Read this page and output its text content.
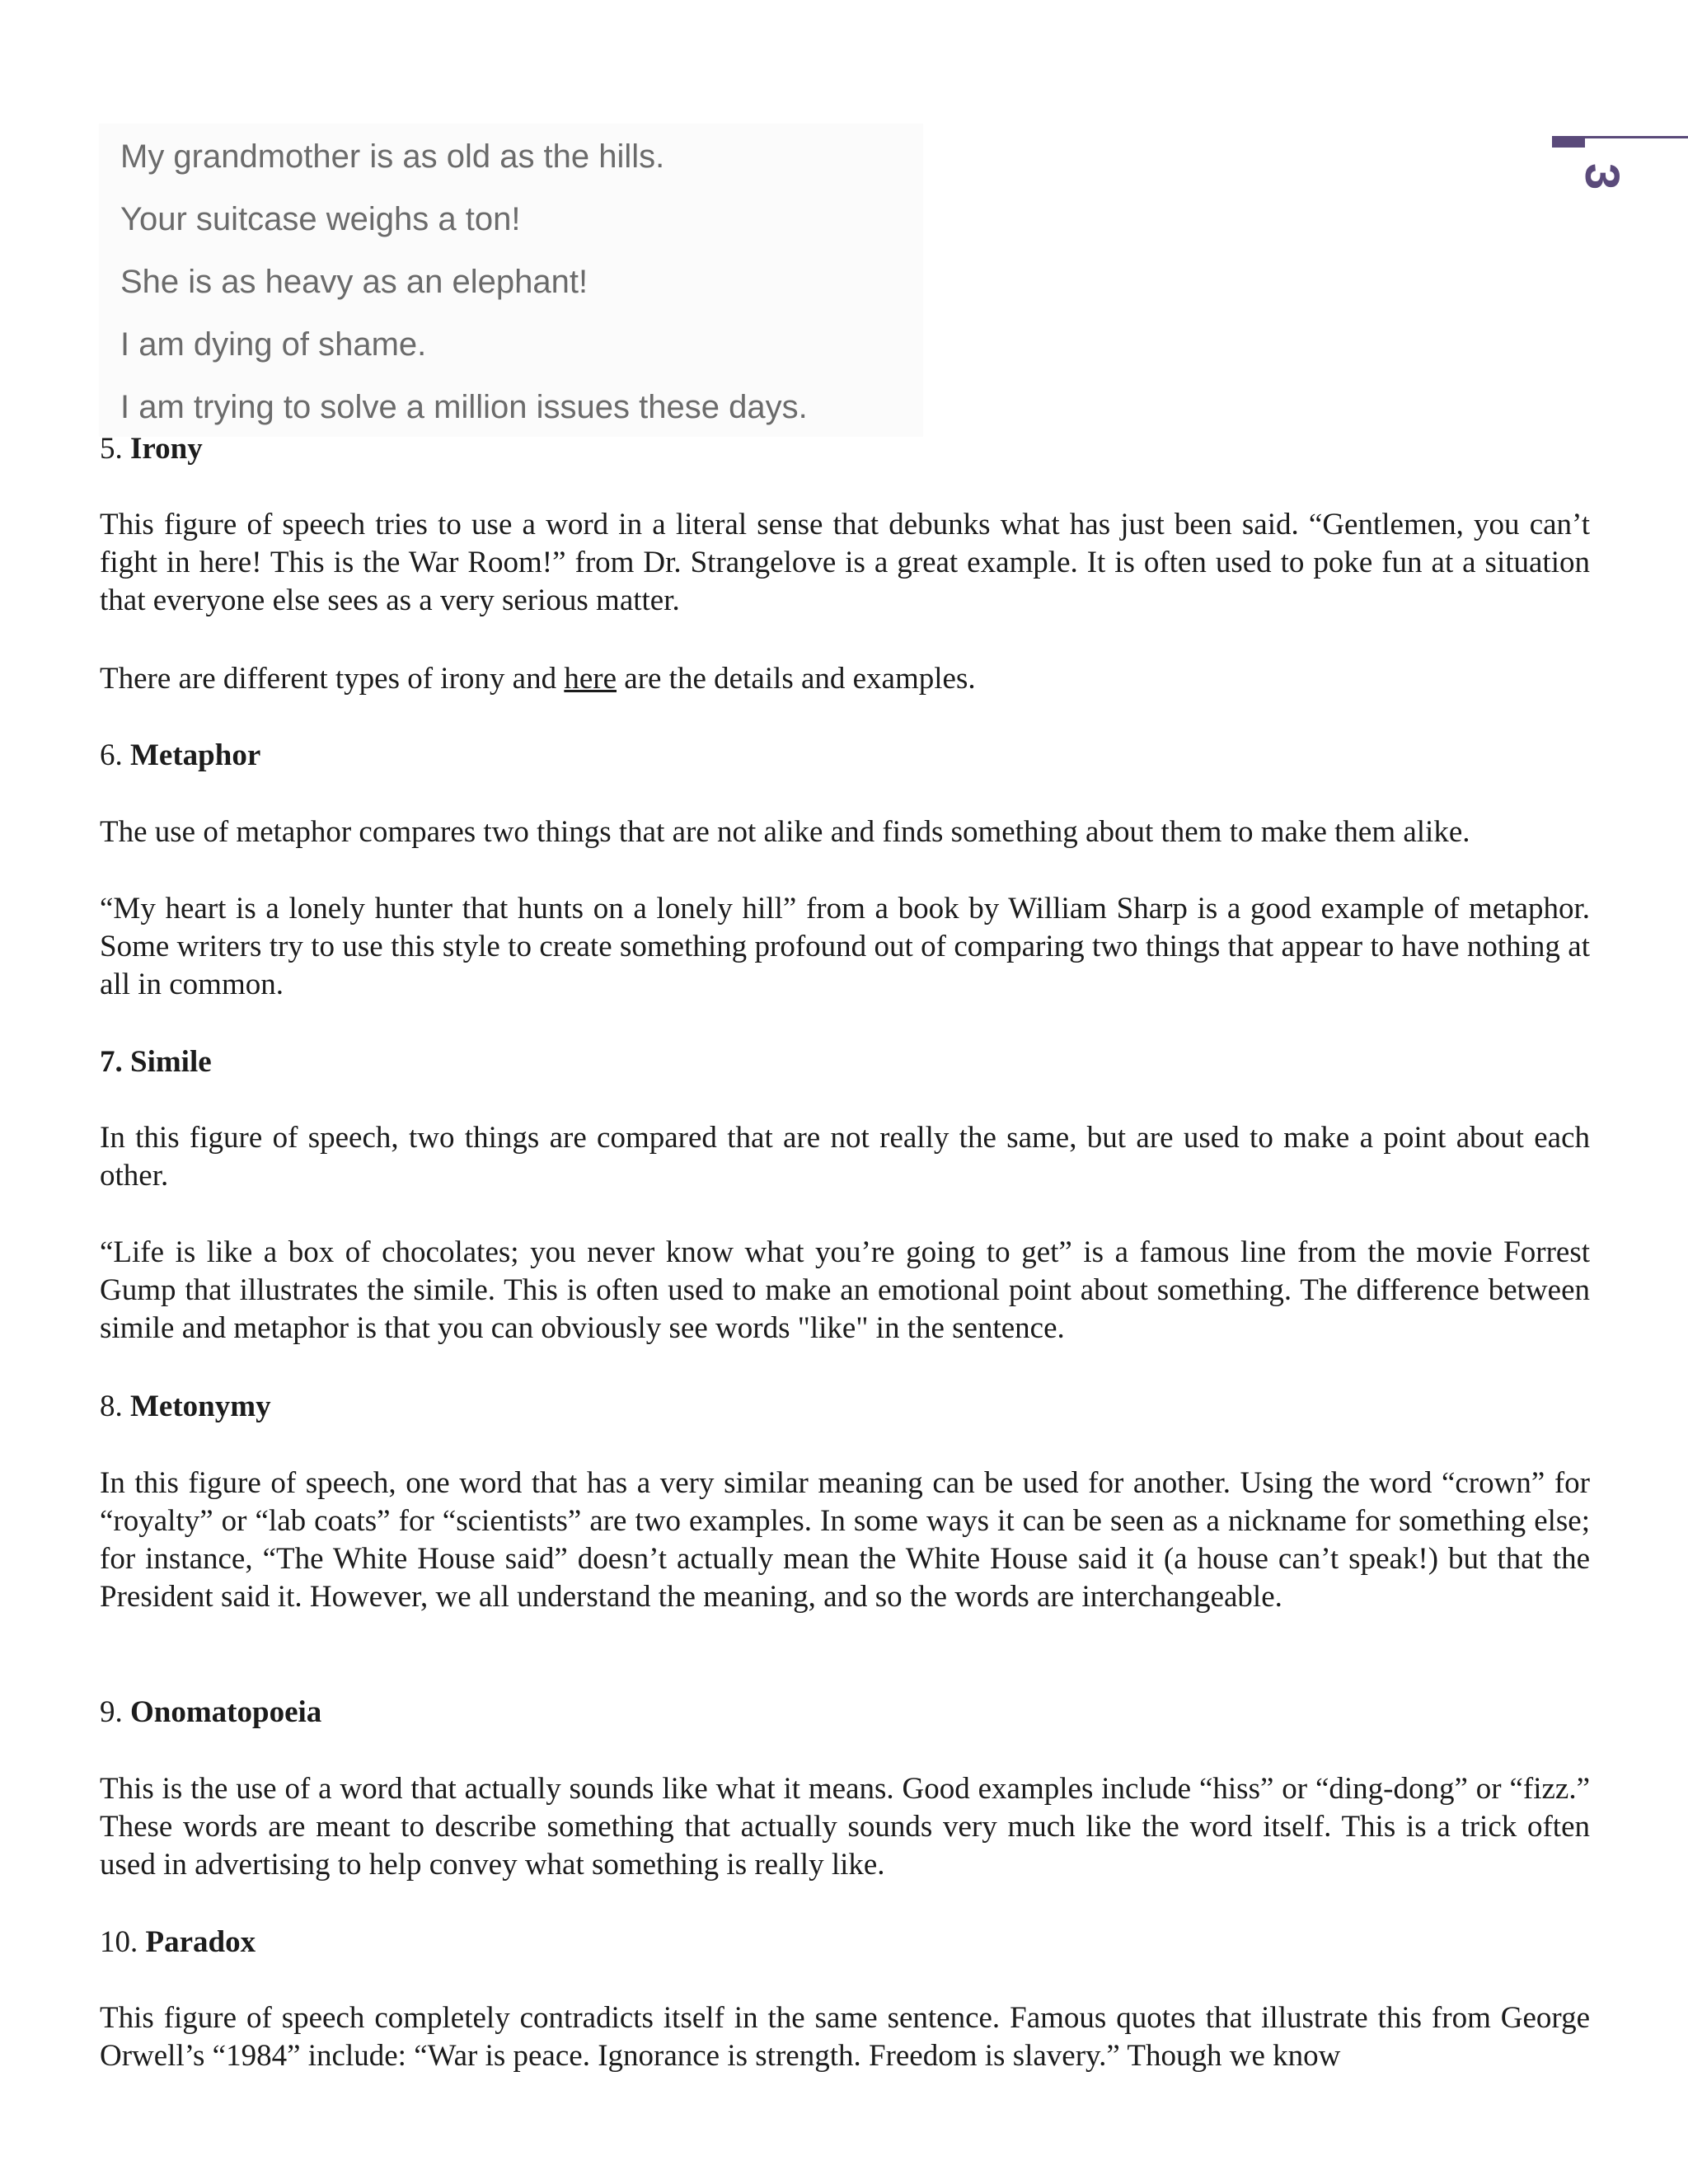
3
My grandmother is as old as the hills.
Your suitcase weighs a ton!
She is as heavy as an elephant!
I am dying of shame.
I am trying to solve a million issues these days.

5. Irony

This figure of speech tries to use a word in a literal sense that debunks what has just been said. “Gentlemen, you can’t fight in here! This is the War Room!” from Dr. Strangelove is a great example. It is often used to poke fun at a situation that everyone else sees as a very serious matter.

There are different types of irony and here are the details and examples.

6. Metaphor

The use of metaphor compares two things that are not alike and finds something about them to make them alike.

“My heart is a lonely hunter that hunts on a lonely hill” from a book by William Sharp is a good example of metaphor. Some writers try to use this style to create something profound out of comparing two things that appear to have nothing at all in common.

7. Simile

In this figure of speech, two things are compared that are not really the same, but are used to make a point about each other.

“Life is like a box of chocolates; you never know what you’re going to get” is a famous line from the movie Forrest Gump that illustrates the simile. This is often used to make an emotional point about something. The difference between simile and metaphor is that you can obviously see words "like" in the sentence.

8. Metonymy

In this figure of speech, one word that has a very similar meaning can be used for another. Using the word “crown” for “royalty” or “lab coats” for “scientists” are two examples. In some ways it can be seen as a nickname for something else; for instance, “The White House said” doesn’t actually mean the White House said it (a house can’t speak!) but that the President said it. However, we all understand the meaning, and so the words are interchangeable.

9. Onomatopoeia

This is the use of a word that actually sounds like what it means. Good examples include “hiss” or “ding-dong” or “fizz.” These words are meant to describe something that actually sounds very much like the word itself. This is a trick often used in advertising to help convey what something is really like.

10. Paradox

This figure of speech completely contradicts itself in the same sentence. Famous quotes that illustrate this from George Orwell’s “1984” include: “War is peace. Ignorance is strength. Freedom is slavery.” Though we know
